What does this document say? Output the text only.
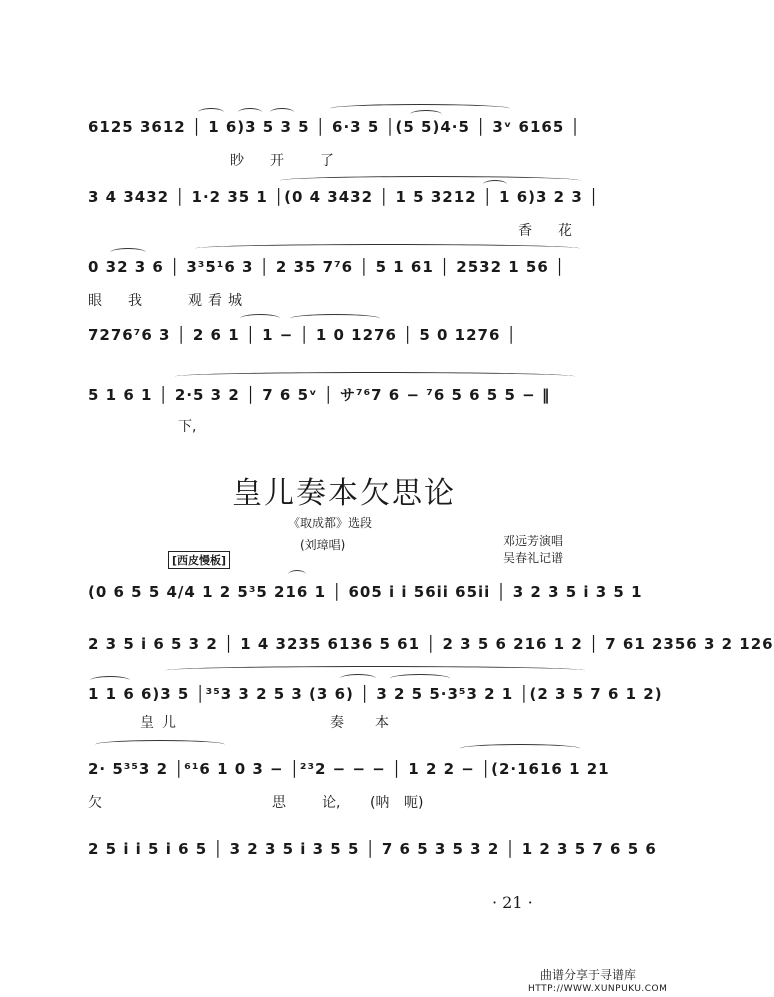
6125 3612 │ 1 6)3 5 3 5 │ 6·3 5 │(5 5)4·5 │ 3ᵛ 6165 │
眇 开	了
3 4 3432 │ 1·2 35 1 │(0 4 3432 │ 1 5 3212 │ 1 6)3 2 3 │
香 花
0 32 3 6 │ 3³5¹6 3 │ 2 35 7⁷6 │ 5 1 61 │ 2532 1 56 │
眼 我	观 看 城
7276⁷6 3 │ 2 6 1 │ 1 − │ 1 0 1276 │ 5 0 1276 │
5 1 6 1 │ 2·5 3 2 │ 7 6 5ᵛ │ サ⁷⁶7 6 − ⁷6 5 6 5 5 − ‖
下,
皇儿奏本欠思论
《取成都》选段
(刘璋唱)	邓远芳演唱
吴春礼记谱
[西皮慢板]
(0 6 5 5 4/4 1 2 5³5 216 1 │ 605 i i 56ii 65ii │ 3 2 3 5 i 3 5 1
2 3 5 i 6 5 3 2 │ 1 4 3235 6136 5 61 │ 2 3 5 6 216 1 2 │ 7 61 2356 3 2 126
1 1 6 6)3 5 │³⁵3 3 2 5 3 (3 6) │ 3 2 5 5·3⁵3 2 1 │(2 3 5 7 6 1 2)
皇 儿	奏 本
2· 5³⁵3 2 │⁶¹6 1 0 3 − │²³2 − − − │ 1 2 2 − │(2·1616 1 21
欠	思	论, (呐 呃)
2 5 i i 5 i 6 5 │ 3 2 3 5 i 3 5 5 │ 7 6 5 3 5 3 2 │ 1 2 3 5 7 6 5 6
· 21 ·
曲谱分享于寻谱库
HTTP://WWW.XUNPUKU.COM
